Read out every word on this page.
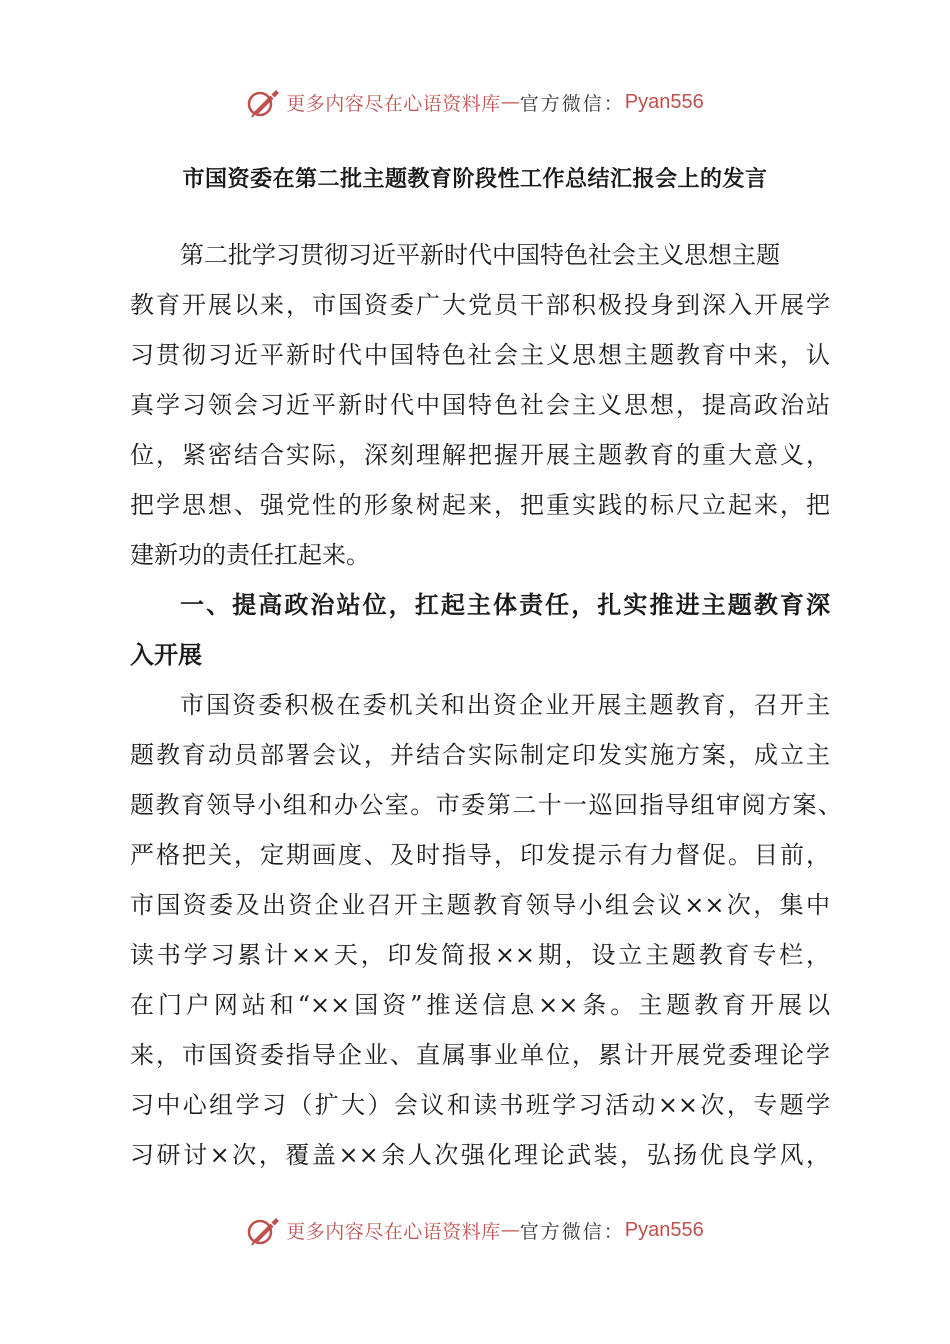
更多内容尽在心语资料库 — 官方微信： Pyan556
市国资委在第二批主题教育阶段性工作总结汇报会上的发言
第二批学习贯彻习近平新时代中国特色社会主义思想主题
教育开展以来，市国资委广大党员干部积极投身到深入开展学
习贯彻习近平新时代中国特色社会主义思想主题教育中来，认
真学习领会习近平新时代中国特色社会主义思想，提高政治站
位，紧密结合实际，深刻理解把握开展主题教育的重大意义，
把学思想、强党性的形象树起来，把重实践的标尺立起来，把
建新功的责任扛起来。
一、提高政治站位，扛起主体责任，扎实推进主题教育深
入开展
市国资委积极在委机关和出资企业开展主题教育，召开主
题教育动员部署会议，并结合实际制定印发实施方案，成立主
题教育领导小组和办公室。市委第二十一巡回指导组审阅方案、
严格把关，定期画度、及时指导，印发提示有力督促。目前，
市国资委及出资企业召开主题教育领导小组会议××次，集中
读书学习累计××天，印发简报××期，设立主题教育专栏，
在门户网站和“××国资”推送信息××条。主题教育开展以
来，市国资委指导企业、直属事业单位，累计开展党委理论学
习中心组学习（扩大）会议和读书班学习活动××次，专题学
习研讨×次，覆盖××余人次强化理论武装，弘扬优良学风，
更多内容尽在心语资料库 — 官方微信： Pyan556
